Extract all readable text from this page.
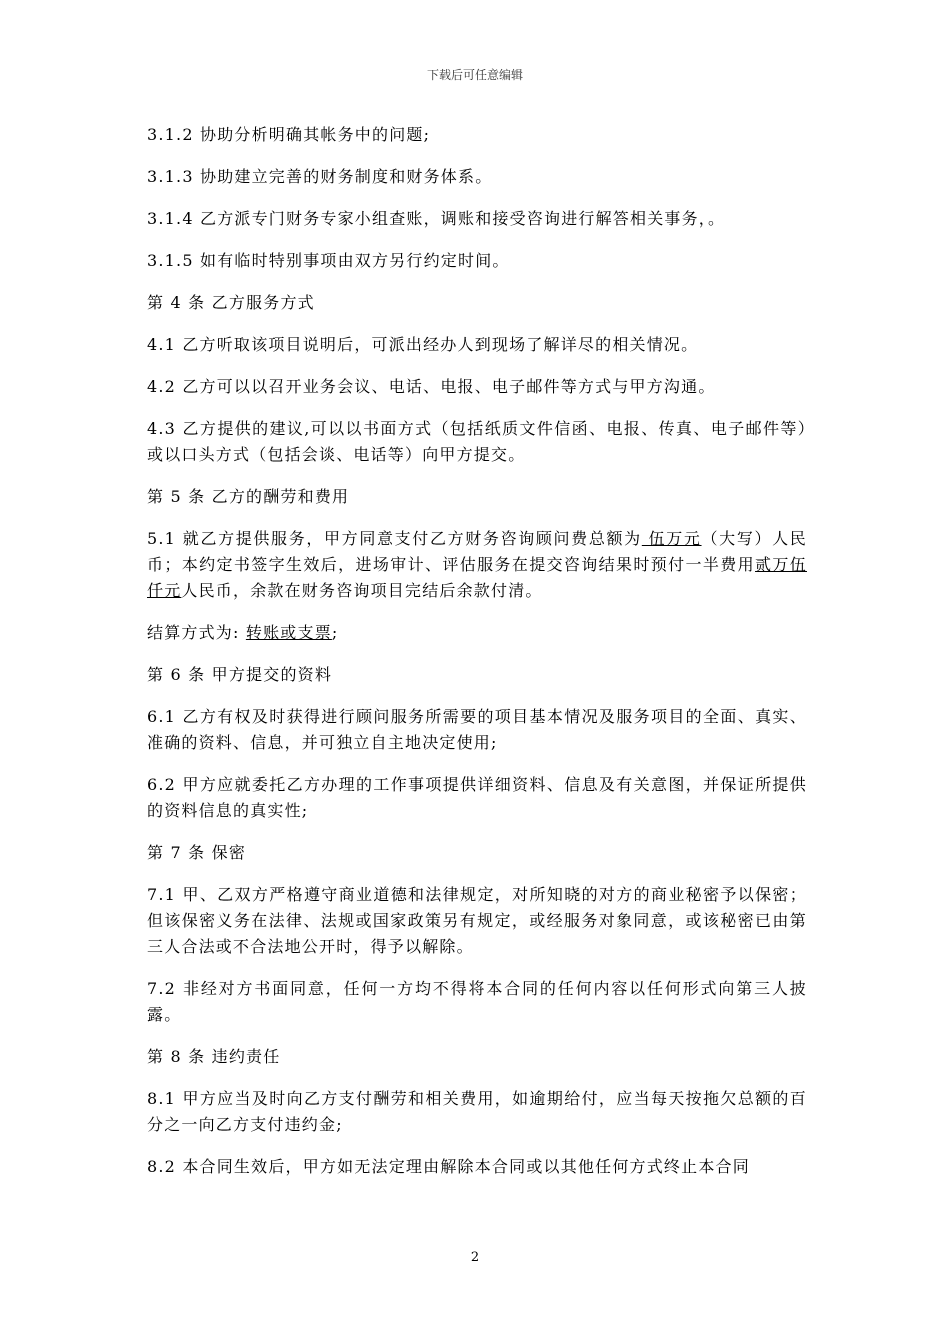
下载后可任意编辑

3.1.2 协助分析明确其帐务中的问题;

3.1.3 协助建立完善的财务制度和财务体系。

3.1.4 乙方派专门财务专家小组查账，调账和接受咨询进行解答相关事务，。

3.1.5 如有临时特别事项由双方另行约定时间。

第 4 条 乙方服务方式

4.1 乙方听取该项目说明后，可派出经办人到现场了解详尽的相关情况。

4.2 乙方可以以召开业务会议、电话、电报、电子邮件等方式与甲方沟通。

4.3 乙方提供的建议,可以以书面方式（包括纸质文件信函、电报、传真、电子邮件等）或以口头方式（包括会谈、电话等）向甲方提交。

第 5 条 乙方的酬劳和费用

5.1 就乙方提供服务，甲方同意支付乙方财务咨询顾问费总额为 伍万元（大写）人民币；本约定书签字生效后，进场审计、评估服务在提交咨询结果时预付一半费用贰万伍仟元人民币，余款在财务咨询项目完结后余款付清。

结算方式为: 转账或支票;

第 6 条 甲方提交的资料

6.1 乙方有权及时获得进行顾问服务所需要的项目基本情况及服务项目的全面、真实、准确的资料、信息，并可独立自主地决定使用;

6.2 甲方应就委托乙方办理的工作事项提供详细资料、信息及有关意图，并保证所提供的资料信息的真实性;

第 7 条 保密

7.1 甲、乙双方严格遵守商业道德和法律规定，对所知晓的对方的商业秘密予以保密；但该保密义务在法律、法规或国家政策另有规定，或经服务对象同意，或该秘密已由第三人合法或不合法地公开时，得予以解除。

7.2 非经对方书面同意，任何一方均不得将本合同的任何内容以任何形式向第三人披露。

第 8 条 违约责任

8.1 甲方应当及时向乙方支付酬劳和相关费用，如逾期给付，应当每天按拖欠总额的百分之一向乙方支付违约金;

8.2 本合同生效后，甲方如无法定理由解除本合同或以其他任何方式终止本合同

2
